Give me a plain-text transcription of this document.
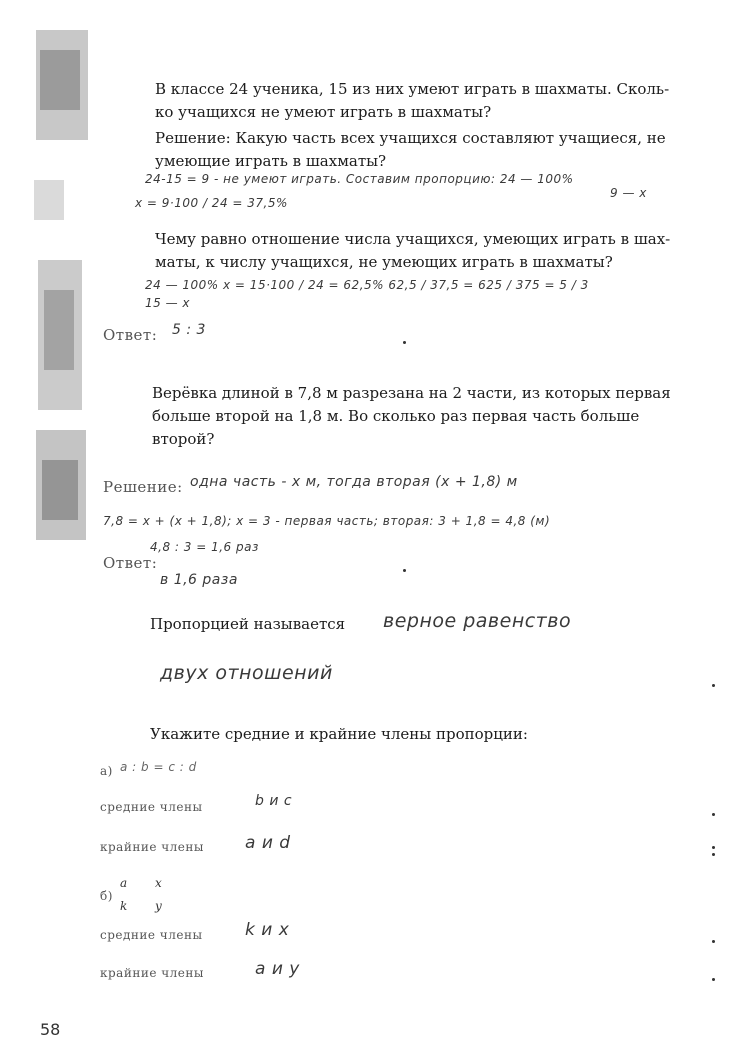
В классе 24 ученика, 15 из них умеют играть в шахматы. Сколь-
ко учащихся не умеют играть в шахматы?
Решение: Какую часть всех учащихся составляют учащиеся, не
умеющие играть в шахматы?
24-15 = 9 - не умеют играть. Составим пропорцию: 24 — 100%
9 — x
x = 9·100 / 24 = 37,5%
Чему равно отношение числа учащихся, умеющих играть в шах-
маты, к числу учащихся, не умеющих играть в шахматы?
24 — 100% x = 15·100 / 24 = 62,5% 62,5 / 37,5 = 625 / 375 = 5 / 3
15 — x
Ответ: 5 : 3
Верёвка длиной в 7,8 м разрезана на 2 части, из которых первая
больше второй на 1,8 м. Во сколько раз первая часть больше
второй?
Решение: одна часть - x м, тогда вторая (x + 1,8) м
7,8 = x + (x + 1,8); x = 3 - первая часть; вторая: 3 + 1,8 = 4,8 (м)
4,8 : 3 = 1,6 раз
Ответ:
в 1,6 раза
Пропорцией называется верное равенство
двух отношений
Укажите средние и крайние члены пропорции:
а) a : b = c : d
средние члены	b и c
крайние члены a и d
б)
a
k
x
y
средние члены k и x
крайние члены	a и y
58
